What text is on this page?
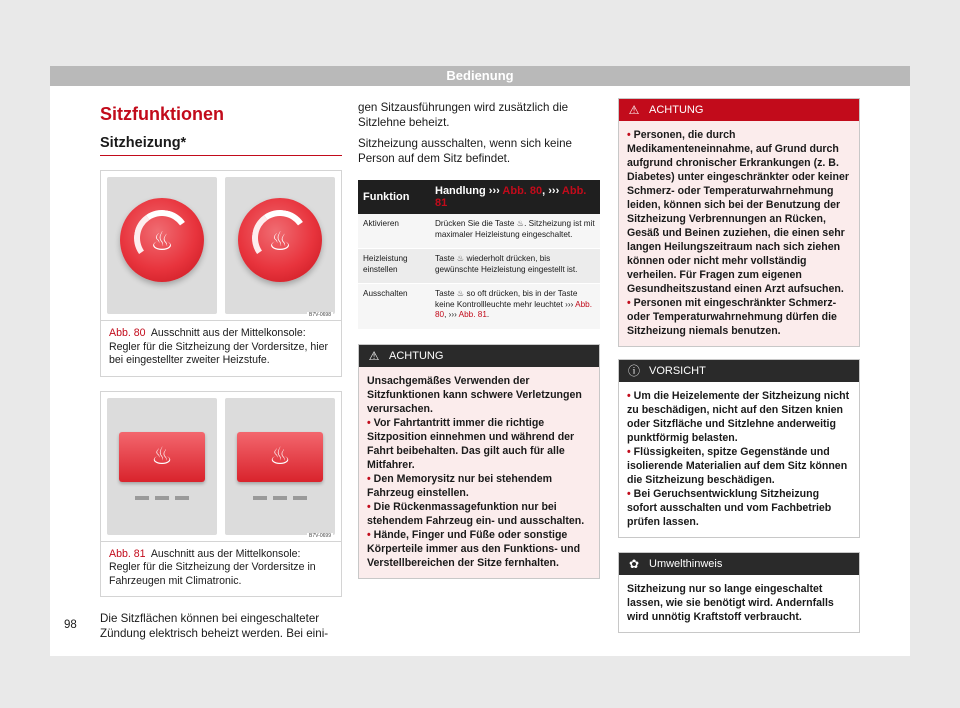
Bedienung
Sitzfunktionen
Sitzheizung*
♨	♨
B7V-0698
Abb. 80 Ausschnitt aus der Mittelkonsole: Regler für die Sitzheizung der Vordersitze, hier bei eingestellter zweiter Heizstufe.
♨	♨
B7V-0699
Abb. 81 Auschnitt aus der Mittelkonsole: Regler für die Sitzheizung der Vordersitze in Fahrzeugen mit Climatronic.

Die Sitzflächen können bei eingeschalteter Zündung elektrisch beheizt werden. Bei eini-

gen Sitzausführungen wird zusätzlich die Sitzlehne beheizt.

Sitzheizung ausschalten, wenn sich keine Person auf dem Sitz befindet.

Funktion	Handlung ››› Abb. 80, ››› Abb. 81
Aktivieren	Drücken Sie die Taste ♨. Sitzheizung ist mit maximaler Heizleistung eingeschaltet.
Heizleistung einstellen	Taste ♨ wiederholt drücken, bis gewünschte Heizleistung eingestellt ist.
Ausschalten	Taste ♨ so oft drücken, bis in der Taste keine Kontrollleuchte mehr leuchtet ››› Abb. 80, ››› Abb. 81.
⚠ ACHTUNG
Unsachgemäßes Verwenden der Sitzfunktionen kann schwere Verletzungen verursachen.
• Vor Fahrtantritt immer die richtige Sitzposition einnehmen und während der Fahrt beibehalten. Das gilt auch für alle Mitfahrer.
• Den Memorysitz nur bei stehendem Fahrzeug einstellen.
• Die Rückenmassagefunktion nur bei stehendem Fahrzeug ein- und ausschalten.
• Hände, Finger und Füße oder sonstige Körperteile immer aus den Funktions- und Verstellbereichen der Sitze fernhalten.
⚠ ACHTUNG
• Personen, die durch Medikamenteneinnahme, auf Grund durch aufgrund chronischer Erkrankungen (z. B. Diabetes) unter eingeschränkter oder keiner Schmerz- oder Temperaturwahrnehmung leiden, können sich bei der Benutzung der Sitzheizung Verbrennungen an Rücken, Gesäß und Beinen zuziehen, die einen sehr langen Heilungszeitraum nach sich ziehen können oder nicht mehr vollständig verheilen. Für Fragen zum eigenen Gesundheitszustand einen Arzt aufsuchen.
• Personen mit eingeschränkter Schmerz- oder Temperaturwahrnehmung dürfen die Sitzheizung niemals benutzen.
ⓘ VORSICHT
• Um die Heizelemente der Sitzheizung nicht zu beschädigen, nicht auf den Sitzen knien oder Sitzfläche und Sitzlehne anderweitig punktförmig belasten.
• Flüssigkeiten, spitze Gegenstände und isolierende Materialien auf dem Sitz können die Sitzheizung beschädigen.
• Bei Geruchsentwicklung Sitzheizung sofort ausschalten und vom Fachbetrieb prüfen lassen.
✿ Umwelthinweis
Sitzheizung nur so lange eingeschaltet lassen, wie sie benötigt wird. Andernfalls wird unnötig Kraftstoff verbraucht.
98
